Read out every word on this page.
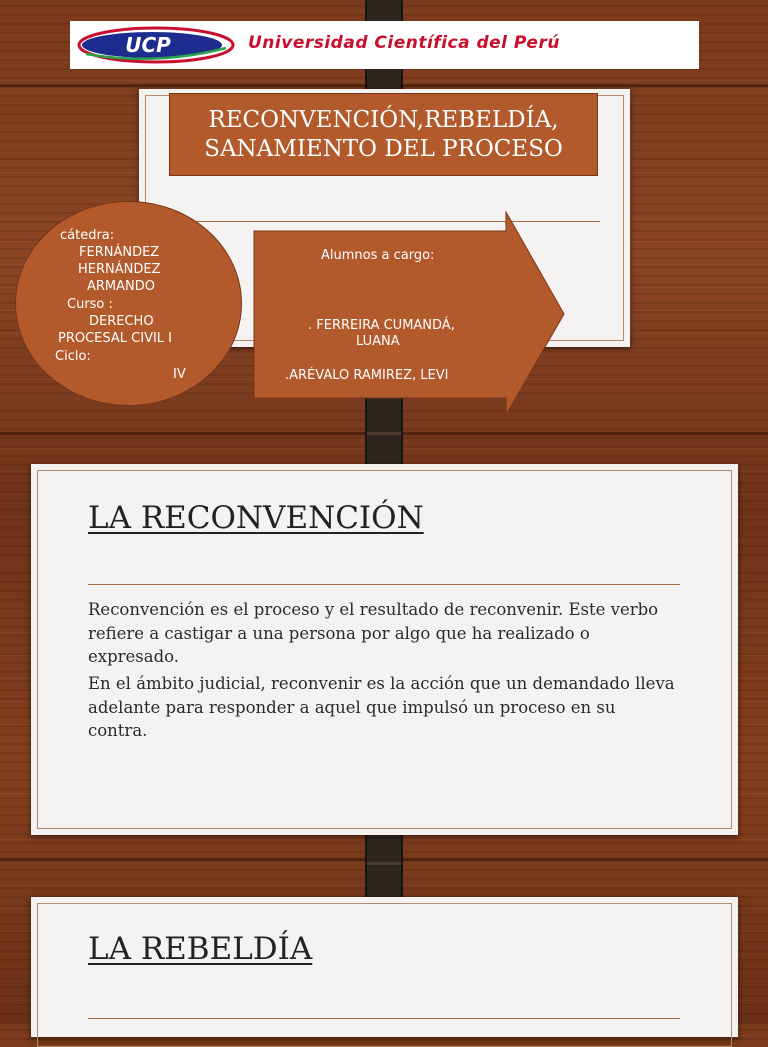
UCP	Universidad Científica del Perú
RECONVENCIÓN,REBELDÍA,
SANAMIENTO DEL PROCESO
cátedra:
FERNÁNDEZ
HERNÁNDEZ
ARMANDO
Curso :
DERECHO
PROCESAL CIVIL I
Ciclo:
IV
Alumnos a cargo:
. FERREIRA CUMANDÁ,
LUANA
.ARÉVALO RAMIREZ, LEVI
LA RECONVENCIÓN
Reconvención es el proceso y el resultado de reconvenir. Este verbo refiere a castigar a una persona por algo que ha realizado o expresado.
En el ámbito judicial, reconvenir es la acción que un demandado lleva adelante para responder a aquel que impulsó un proceso en su contra.
LA REBELDÍA
